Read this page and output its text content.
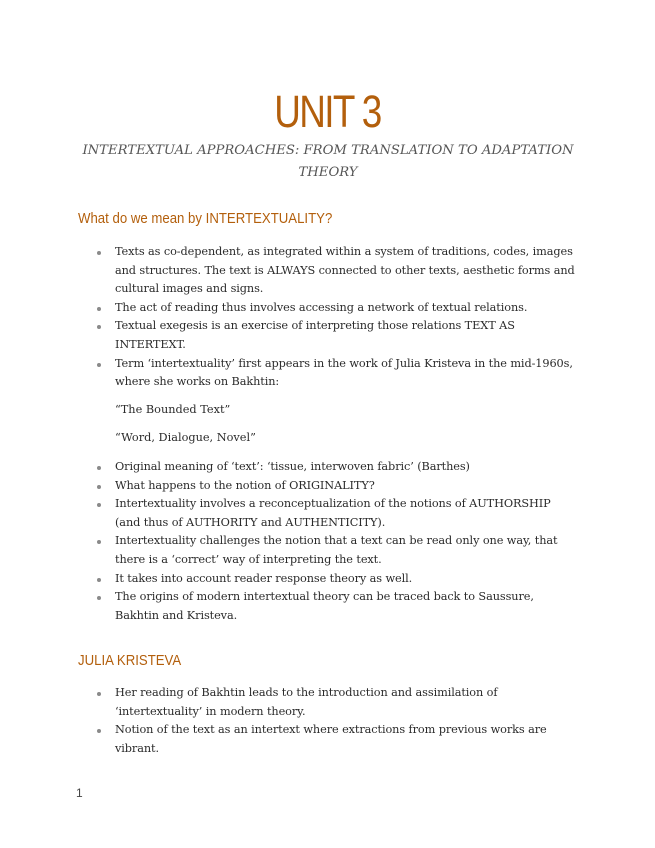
UNIT 3

INTERTEXTUAL APPROACHES: FROM TRANSLATION TO ADAPTATION THEORY

What do we mean by INTERTEXTUALITY?
Texts as co-dependent, as integrated within a system of traditions, codes, images and structures. The text is ALWAYS connected to other texts, aesthetic forms and cultural images and signs.
The act of reading thus involves accessing a network of textual relations.
Textual exegesis is an exercise of interpreting those relations TEXT AS INTERTEXT.
Term ‘intertextuality’ first appears in the work of Julia Kristeva in the mid-1960s, where she works on Bakhtin:

“The Bounded Text”

“Word, Dialogue, Novel”

Original meaning of ‘text’: ‘tissue, interwoven fabric’ (Barthes)
What happens to the notion of ORIGINALITY?
Intertextuality involves a reconceptualization of the notions of AUTHORSHIP (and thus of AUTHORITY and AUTHENTICITY).
Intertextuality challenges the notion that a text can be read only one way, that there is a ‘correct’ way of interpreting the text.
It takes into account reader response theory as well.
The origins of modern intertextual theory can be traced back to Saussure, Bakhtin and Kristeva.
JULIA KRISTEVA
Her reading of Bakhtin leads to the introduction and assimilation of ‘intertextuality’ in modern theory.
Notion of the text as an intertext where extractions from previous works are vibrant.
1
